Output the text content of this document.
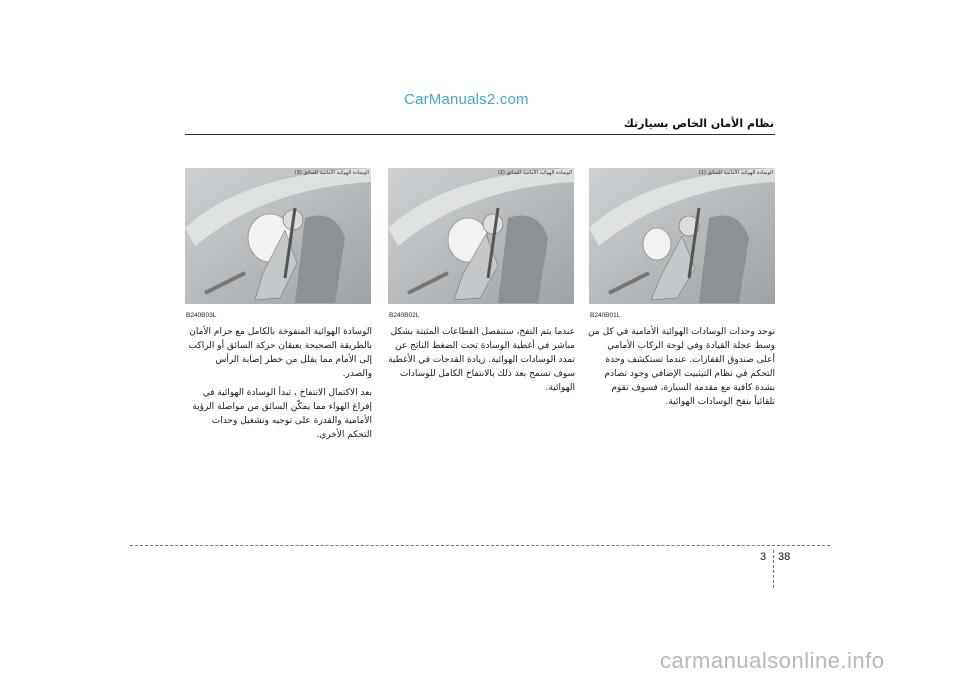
CarManuals2.com
نظام الأمان الخاص بسيارتك
الوسادة الهوائية الأمامية للسائق (3)
B240B03L
الوسادة الهوائية الأمامية للسائق (2)
B240B02L
الوسادة الهوائية الأمامية للسائق (1)
B240B01L
توجد وحدات الوسادات الهوائية الأمامية في كل من وسط عجلة القيادة وفي لوحة الركاب الأمامي أعلى صندوق القفازات. عندما تستكشف وحدة التحكم في نظام التيثبيت الإضافي وجود تصادم بشدة كافية مع مقدمة السيارة، فسوف تقوم تلقائياً بنفخ الوسادات الهوائية.
عندما يتم النفخ، ستنفصل القطاعات المثبتة بشكل مباشر في أغطية الوسادة تحت الضغط الناتج عن تمدد الوسادات الهوائية. زيادة القدحات في الأغطية سوف تسمح بعد ذلك بالانتفاخ الكامل للوسادات الهوائية.
الوسادة الهوائية المنفوخة بالكامل مع حزام الأمان بالطريقة الصحيحة يعيقان حركة السائق أو الراكب إلى الأمام مما يقلل من خطر إصابة الرأس والصدر.
بعد الاكتمال الانتفاخ ، تبدأ الوسادة الهوائية في إفراغ الهواء مما يمكّن السائق من مواصلة الرؤية الأمامية والقدرة على توجيه وتشغيل وحدات التحكم الأخرى.
3 38
carmanualsonline.info
